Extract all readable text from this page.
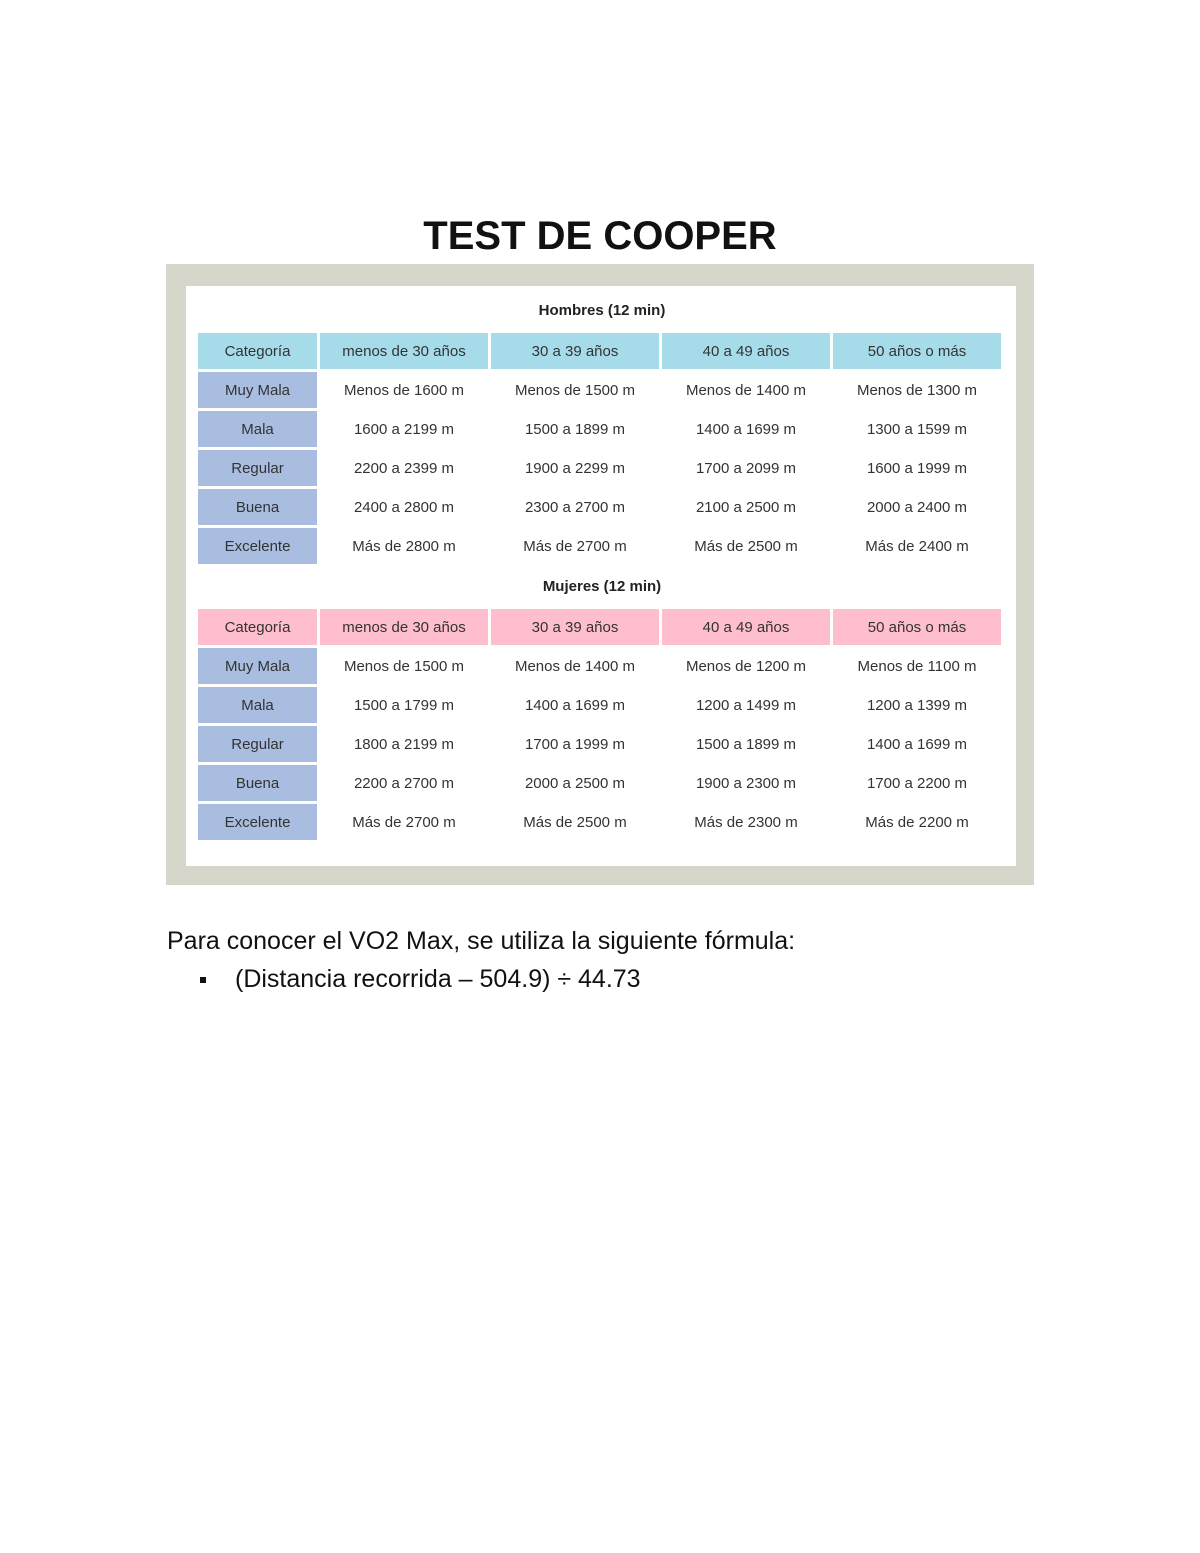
TEST DE COOPER
Hombres (12 min)
Categoría	menos de 30 años	30 a 39 años	40 a 49 años	50 años o más
Muy Mala	Menos de 1600 m	Menos de 1500 m	Menos de 1400 m	Menos de 1300 m
Mala	1600 a 2199 m	1500 a 1899 m	1400 a 1699 m	1300 a 1599 m
Regular	2200 a 2399 m	1900 a 2299 m	1700 a 2099 m	1600 a 1999 m
Buena	2400 a 2800 m	2300 a 2700 m	2100 a 2500 m	2000 a 2400 m
Excelente	Más de 2800 m	Más de 2700 m	Más de 2500 m	Más de 2400 m
Mujeres (12 min)
Categoría	menos de 30 años	30 a 39 años	40 a 49 años	50 años o más
Muy Mala	Menos de 1500 m	Menos de 1400 m	Menos de 1200 m	Menos de 1100 m
Mala	1500 a 1799 m	1400 a 1699 m	1200 a 1499 m	1200 a 1399 m
Regular	1800 a 2199 m	1700 a 1999 m	1500 a 1899 m	1400 a 1699 m
Buena	2200 a 2700 m	2000 a 2500 m	1900 a 2300 m	1700 a 2200 m
Excelente	Más de 2700 m	Más de 2500 m	Más de 2300 m	Más de 2200 m
Para conocer el VO2 Max, se utiliza la siguiente fórmula:
(Distancia recorrida – 504.9) ÷ 44.73
